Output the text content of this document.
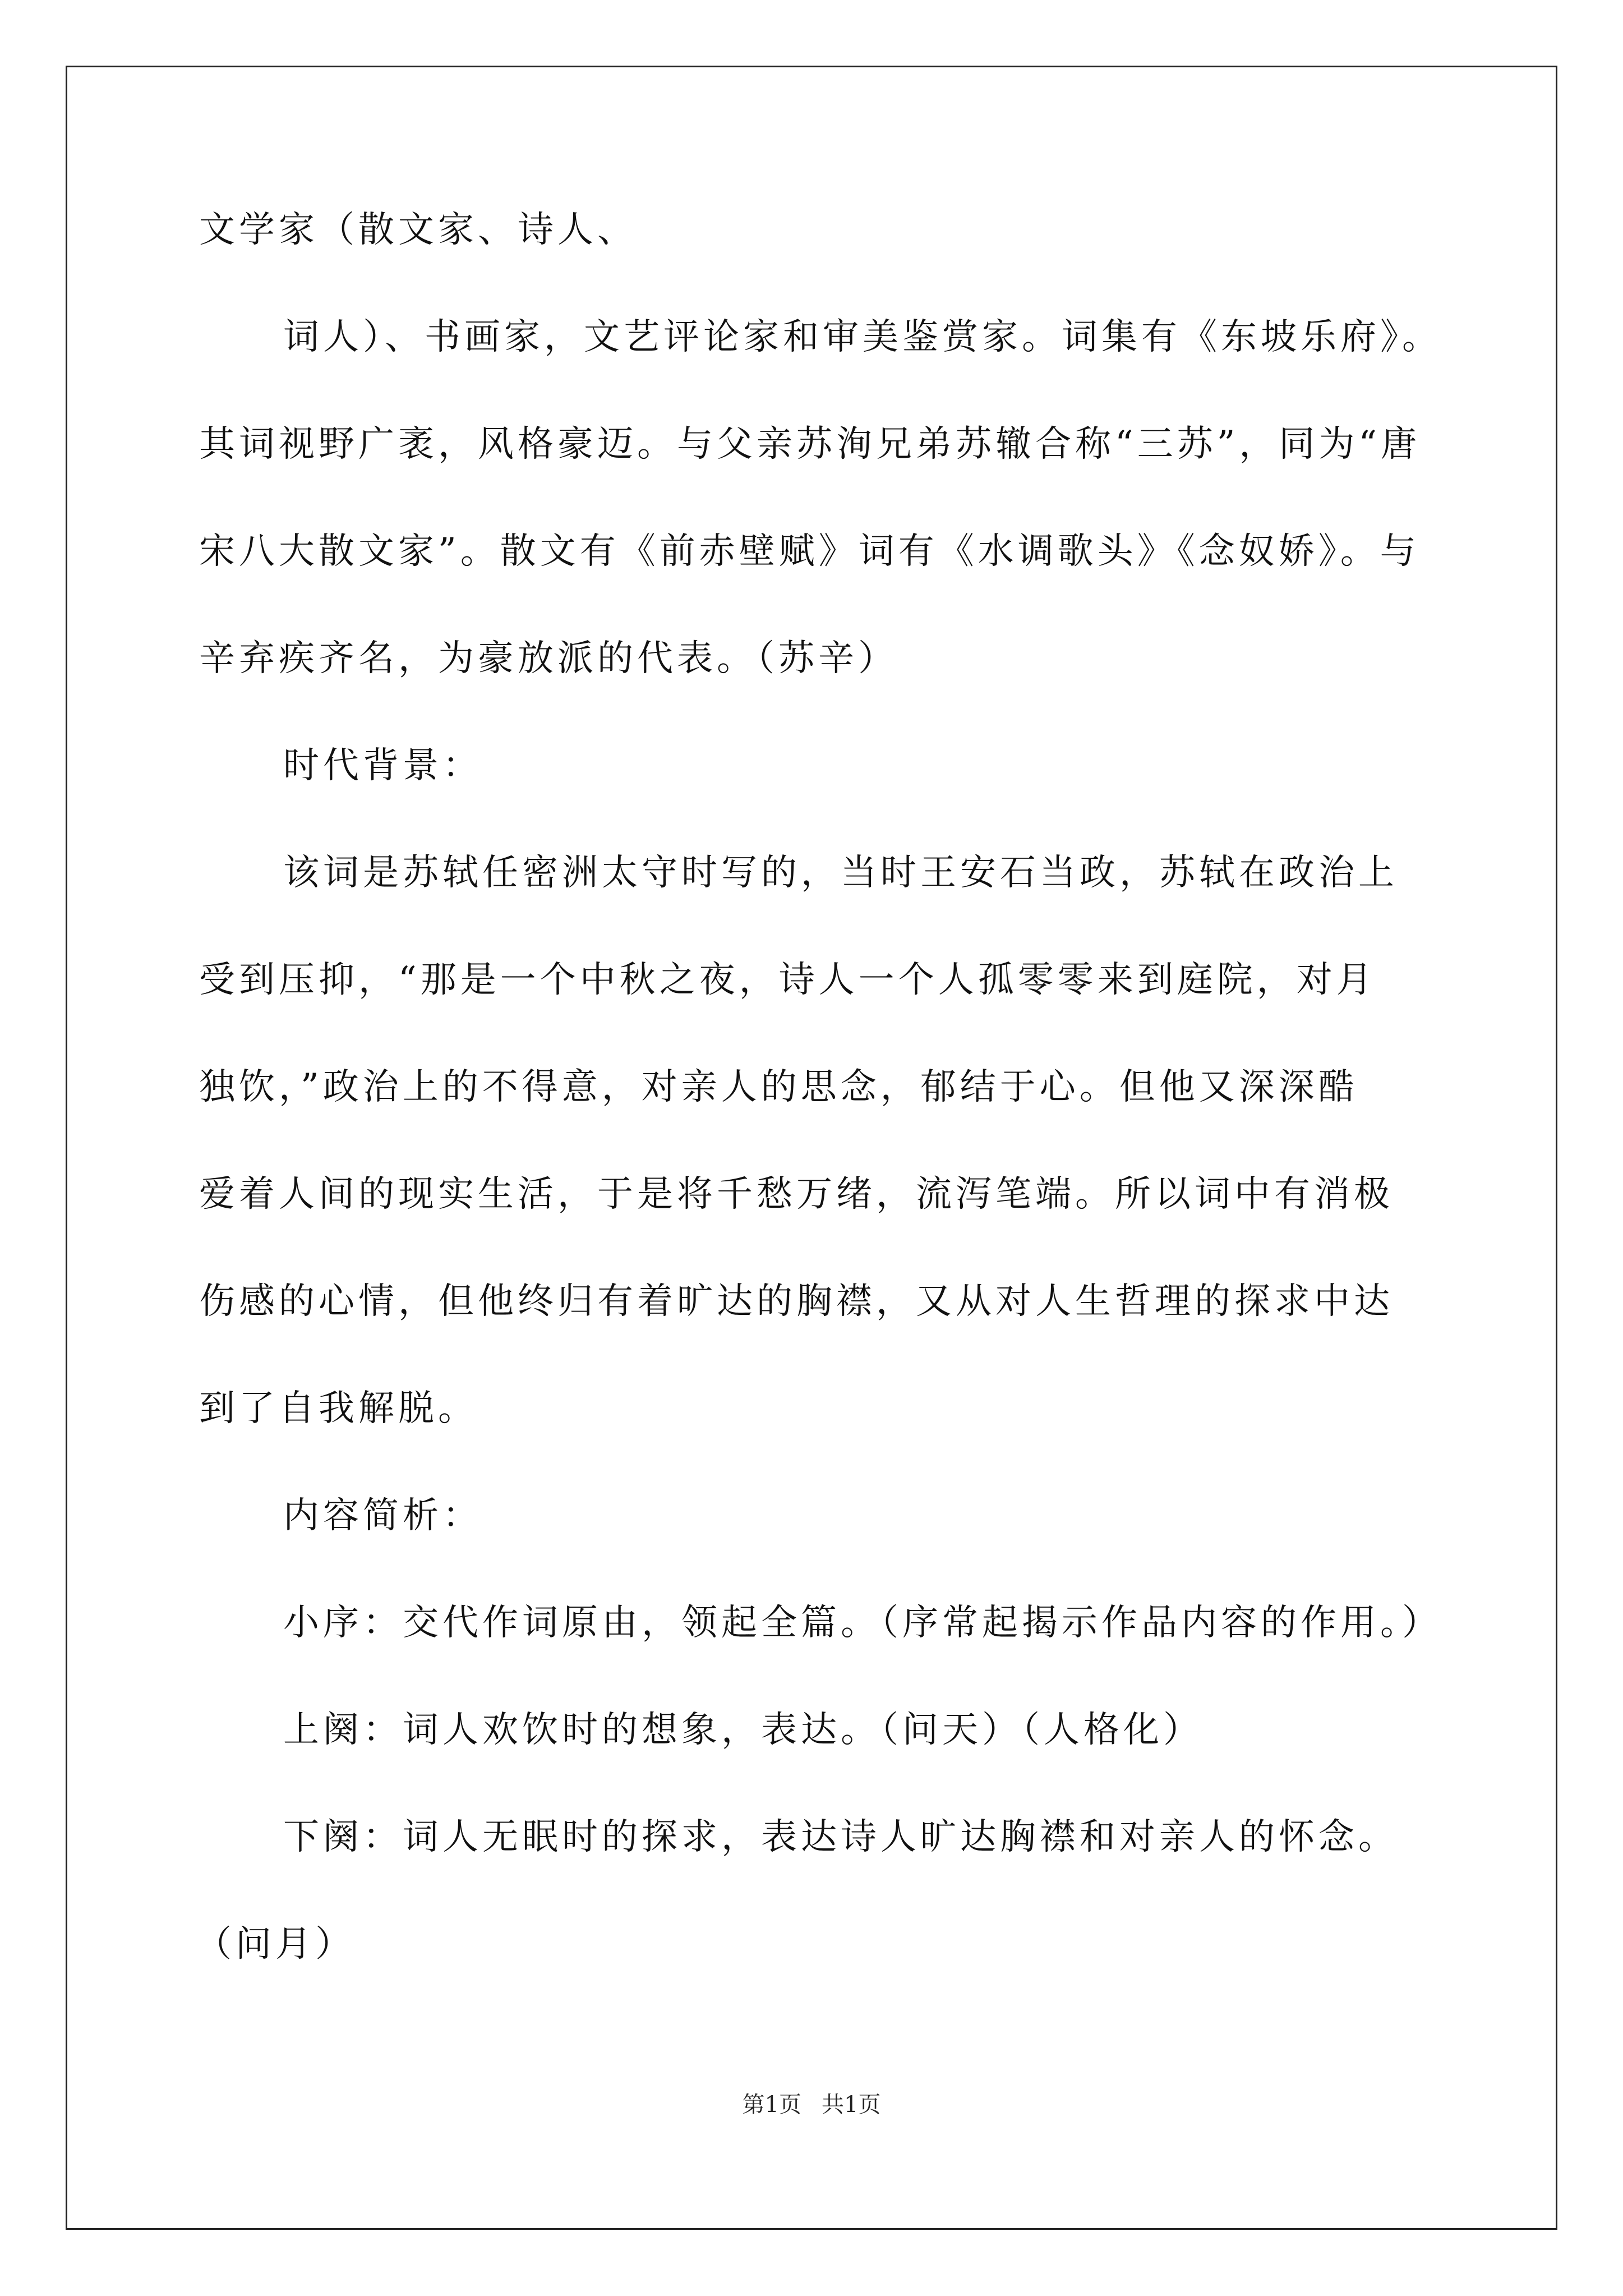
文学家（散文家、诗人、
词人）、书画家，文艺评论家和审美鉴赏家。词集有《东坡乐府》。
其词视野广袤，风格豪迈。与父亲苏洵兄弟苏辙合称“三苏”，同为“唐
宋八大散文家”。散文有《前赤壁赋》词有《水调歌头》《念奴娇》。与
辛弃疾齐名，为豪放派的代表。（苏辛）
时代背景：
该词是苏轼任密洲太守时写的，当时王安石当政，苏轼在政治上
受到压抑，“那是一个中秋之夜，诗人一个人孤零零来到庭院，对月
独饮，”政治上的不得意，对亲人的思念，郁结于心。但他又深深酷
爱着人间的现实生活，于是将千愁万绪，流泻笔端。所以词中有消极
伤感的心情，但他终归有着旷达的胸襟，又从对人生哲理的探求中达
到了自我解脱。
内容简析：
小序：交代作词原由，领起全篇。（序常起揭示作品内容的作用。）
上阕：词人欢饮时的想象，表达。（问天）（人格化）
下阕：词人无眠时的探求，表达诗人旷达胸襟和对亲人的怀念。
（问月）
第1页 共1页
